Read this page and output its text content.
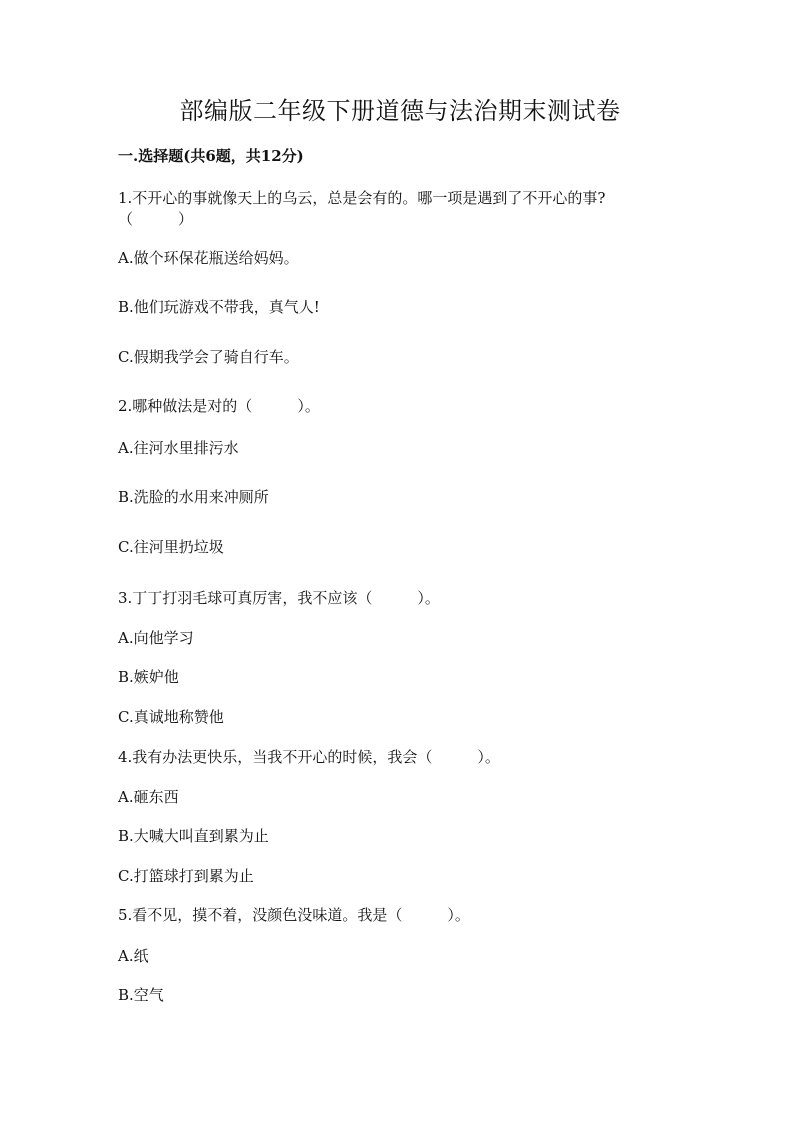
部编版二年级下册道德与法治期末测试卷
一.选择题(共6题，共12分)
1.不开心的事就像天上的乌云，总是会有的。哪一项是遇到了不开心的事?
（　　　）
A.做个环保花瓶送给妈妈。
B.他们玩游戏不带我，真气人!
C.假期我学会了骑自行车。
2.哪种做法是对的（　　　）。
A.往河水里排污水
B.洗脸的水用来冲厕所
C.往河里扔垃圾
3.丁丁打羽毛球可真厉害，我不应该（　　　）。
A.向他学习
B.嫉妒他
C.真诚地称赞他
4.我有办法更快乐，当我不开心的时候，我会（　　　）。
A.砸东西
B.大喊大叫直到累为止
C.打篮球打到累为止
5.看不见，摸不着，没颜色没味道。我是（　　　）。
A.纸
B.空气
